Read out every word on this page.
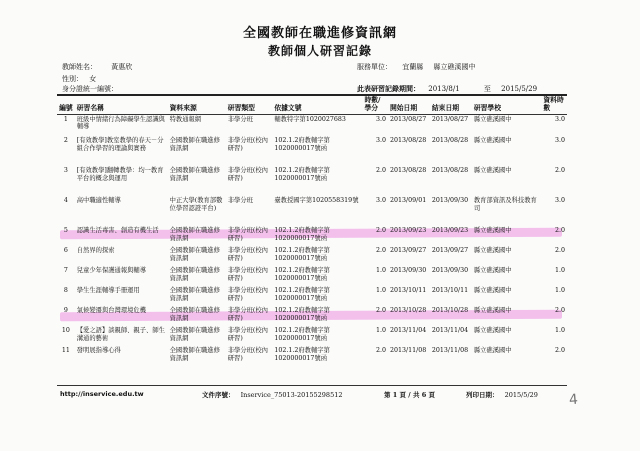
全國教師在職進修資訊網
教師個人研習記錄
教師姓名： 黃惠欣
性別： 女
身分證統一編號：
服務單位： 宜蘭縣 縣立礁溪國中
此表研習記錄期間： 2013/8/1	至 2015/5/29
編號	研習名稱	資料來源	研習類型	依據文號	時數/學分	開始日期	結束日期	研習學校	資料時數
1	班級中情緒行為障礙學生認識與輔導	特教通報網	非學分班	輔教特字第1020027683	3.0	2013/08/27	2013/08/27	縣立礁溪國中	3.0
2	[有效教學]教室教學的春天－分組合作學習的理論與實務	全國教師在職進修資訊網	非學分班(校內研習)	102.1.2府教輔字第1020000017號函	3.0	2013/08/28	2013/08/28	縣立礁溪國中	3.0
3	[有效教學]翻轉教學：均一教育平台的概念與運用	全國教師在職進修資訊網	非學分班(校內研習)	102.1.2府教輔字第1020000017號函	2.0	2013/08/28	2013/08/28	縣立礁溪國中	2.0
4	高中職適性輔導	中正大學(教育部數位學習認證平台)	非學分班	臺教授國字第1020558319號	3.0	2013/09/01	2013/09/30	教育部資訊及科技教育司	3.0
5	認識生活毒害、創造有機生活	全國教師在職進修資訊網	非學分班(校內研習)	102.1.2府教輔字第1020000017號函	2.0	2013/09/23	2013/09/23	縣立礁溪國中	2.0
6	自然界的探索	全國教師在職進修資訊網	非學分班(校內研習)	102.1.2府教輔字第1020000017號函	2.0	2013/09/27	2013/09/27	縣立礁溪國中	2.0
7	兒童少年保護通報與輔導	全國教師在職進修資訊網	非學分班(校內研習)	102.1.2府教輔字第1020000017號函	1.0	2013/09/30	2013/09/30	縣立礁溪國中	1.0
8	學生生涯輔導手冊運用	全國教師在職進修資訊網	非學分班(校內研習)	102.1.2府教輔字第1020000017號函	1.0	2013/10/11	2013/10/11	縣立礁溪國中	1.0
9	氣候變遷與台灣環境危機	全國教師在職進修資訊網	非學分班(校內研習)	102.1.2府教輔字第1020000017號函	2.0	2013/10/28	2013/10/28	縣立礁溪國中	2.0
10	【愛之語】談親師、親子、師生溝通的藝術	全國教師在職進修資訊網	非學分班(校內研習)	102.1.2府教輔字第1020000017號函	1.0	2013/11/04	2013/11/04	縣立礁溪國中	1.0
11	發明展指導心得	全國教師在職進修資訊網	非學分班(校內研習)	102.1.2府教輔字第1020000017號函	2.0	2013/11/08	2013/11/08	縣立礁溪國中	2.0
http://inservice.edu.tw	文件序號： Inservice_75013-20155298512	第 1 頁 / 共 6 頁	列印日期： 2015/5/29 4
